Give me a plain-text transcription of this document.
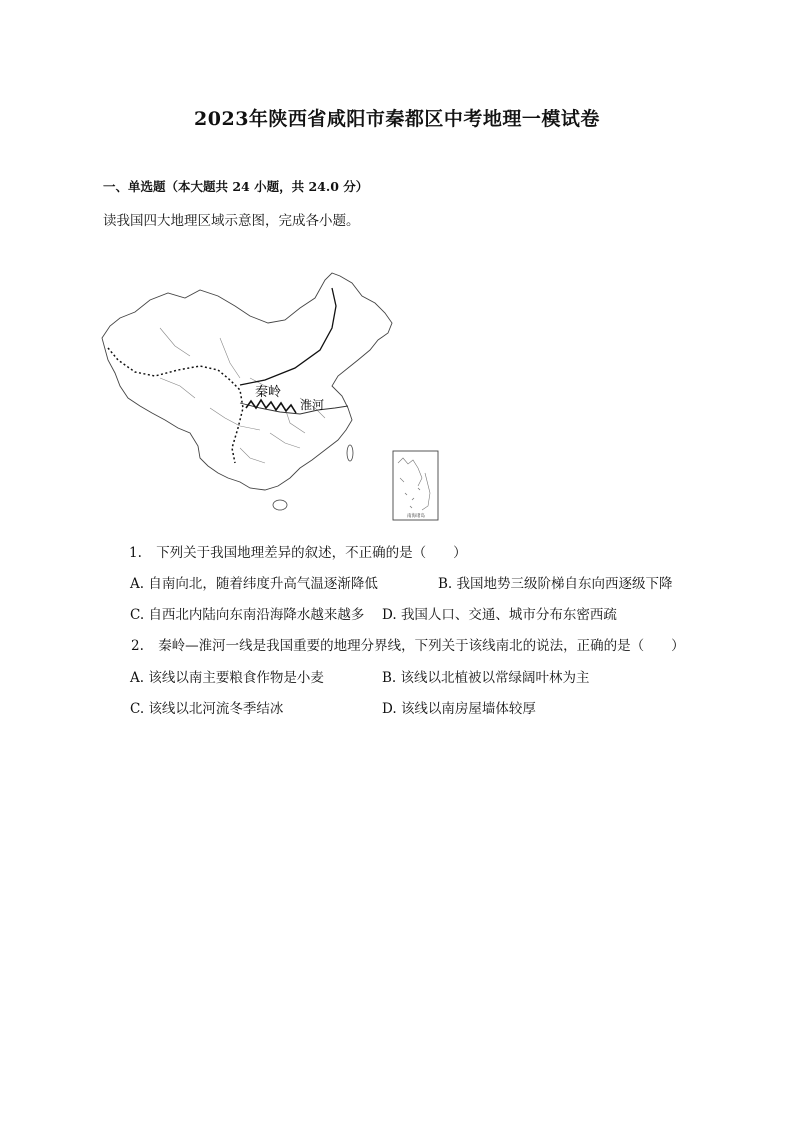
2023年陕西省咸阳市秦都区中考地理一模试卷
一、单选题（本大题共 24 小题，共 24.0 分）
读我国四大地理区域示意图，完成各小题。
秦岭
淮河
南海诸岛
1. 下列关于我国地理差异的叙述，不正确的是（　　）
A. 自南向北，随着纬度升高气温逐渐降低	B. 我国地势三级阶梯自东向西逐级下降
C. 自西北内陆向东南沿海降水越来越多 D. 我国人口、交通、城市分布东密西疏
2. 秦岭—淮河一线是我国重要的地理分界线，下列关于该线南北的说法，正确的是（　　）
A. 该线以南主要粮食作物是小麦	B. 该线以北植被以常绿阔叶林为主
C. 该线以北河流冬季结冰	D. 该线以南房屋墙体较厚
